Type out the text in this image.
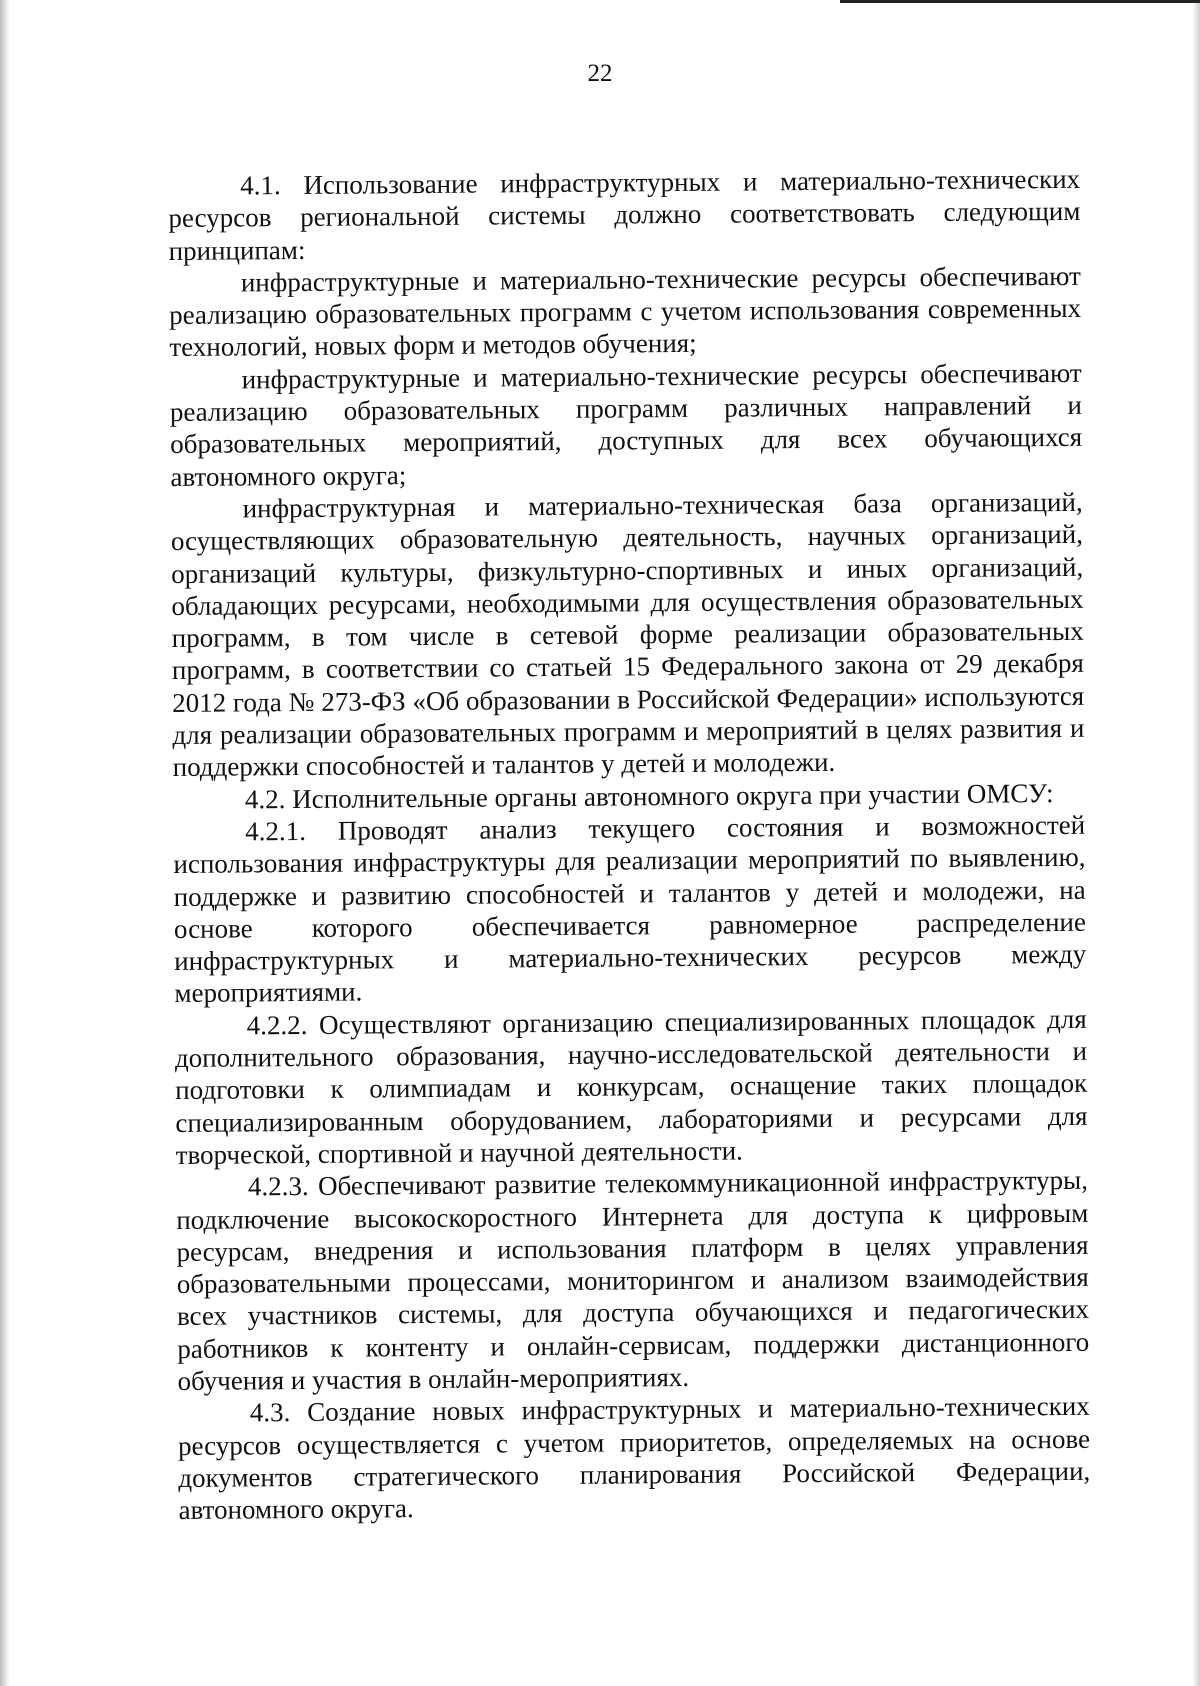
22

4.1. Использование инфраструктурных и материально-технических ресурсов региональной системы должно соответствовать следующим принципам:

инфраструктурные и материально-технические ресурсы обеспечивают реализацию образовательных программ с учетом использования современных технологий, новых форм и методов обучения;

инфраструктурные и материально-технические ресурсы обеспечивают реализацию образовательных программ различных направлений и образовательных мероприятий, доступных для всех обучающихся автономного округа;

инфраструктурная и материально-техническая база организаций, осуществляющих образовательную деятельность, научных организаций, организаций культуры, физкультурно-спортивных и иных организаций, обладающих ресурсами, необходимыми для осуществления образовательных программ, в том числе в сетевой форме реализации образовательных программ, в соответствии со статьей 15 Федерального закона от 29 декабря 2012 года № 273-ФЗ «Об образовании в Российской Федерации» используются для реализации образовательных программ и мероприятий в целях развития и поддержки способностей и талантов у детей и молодежи.

4.2. Исполнительные органы автономного округа при участии ОМСУ:

4.2.1. Проводят анализ текущего состояния и возможностей использования инфраструктуры для реализации мероприятий по выявлению, поддержке и развитию способностей и талантов у детей и молодежи, на основе которого обеспечивается равномерное распределение инфраструктурных и материально-технических ресурсов между мероприятиями.

4.2.2. Осуществляют организацию специализированных площадок для дополнительного образования, научно-исследовательской деятельности и подготовки к олимпиадам и конкурсам, оснащение таких площадок специализированным оборудованием, лабораториями и ресурсами для творческой, спортивной и научной деятельности.

4.2.3. Обеспечивают развитие телекоммуникационной инфраструктуры, подключение высокоскоростного Интернета для доступа к цифровым ресурсам, внедрения и использования платформ в целях управления образовательными процессами, мониторингом и анализом взаимодействия всех участников системы, для доступа обучающихся и педагогических работников к контенту и онлайн-сервисам, поддержки дистанционного обучения и участия в онлайн-мероприятиях.

4.3. Создание новых инфраструктурных и материально-технических ресурсов осуществляется с учетом приоритетов, определяемых на основе документов стратегического планирования Российской Федерации, автономного округа.
